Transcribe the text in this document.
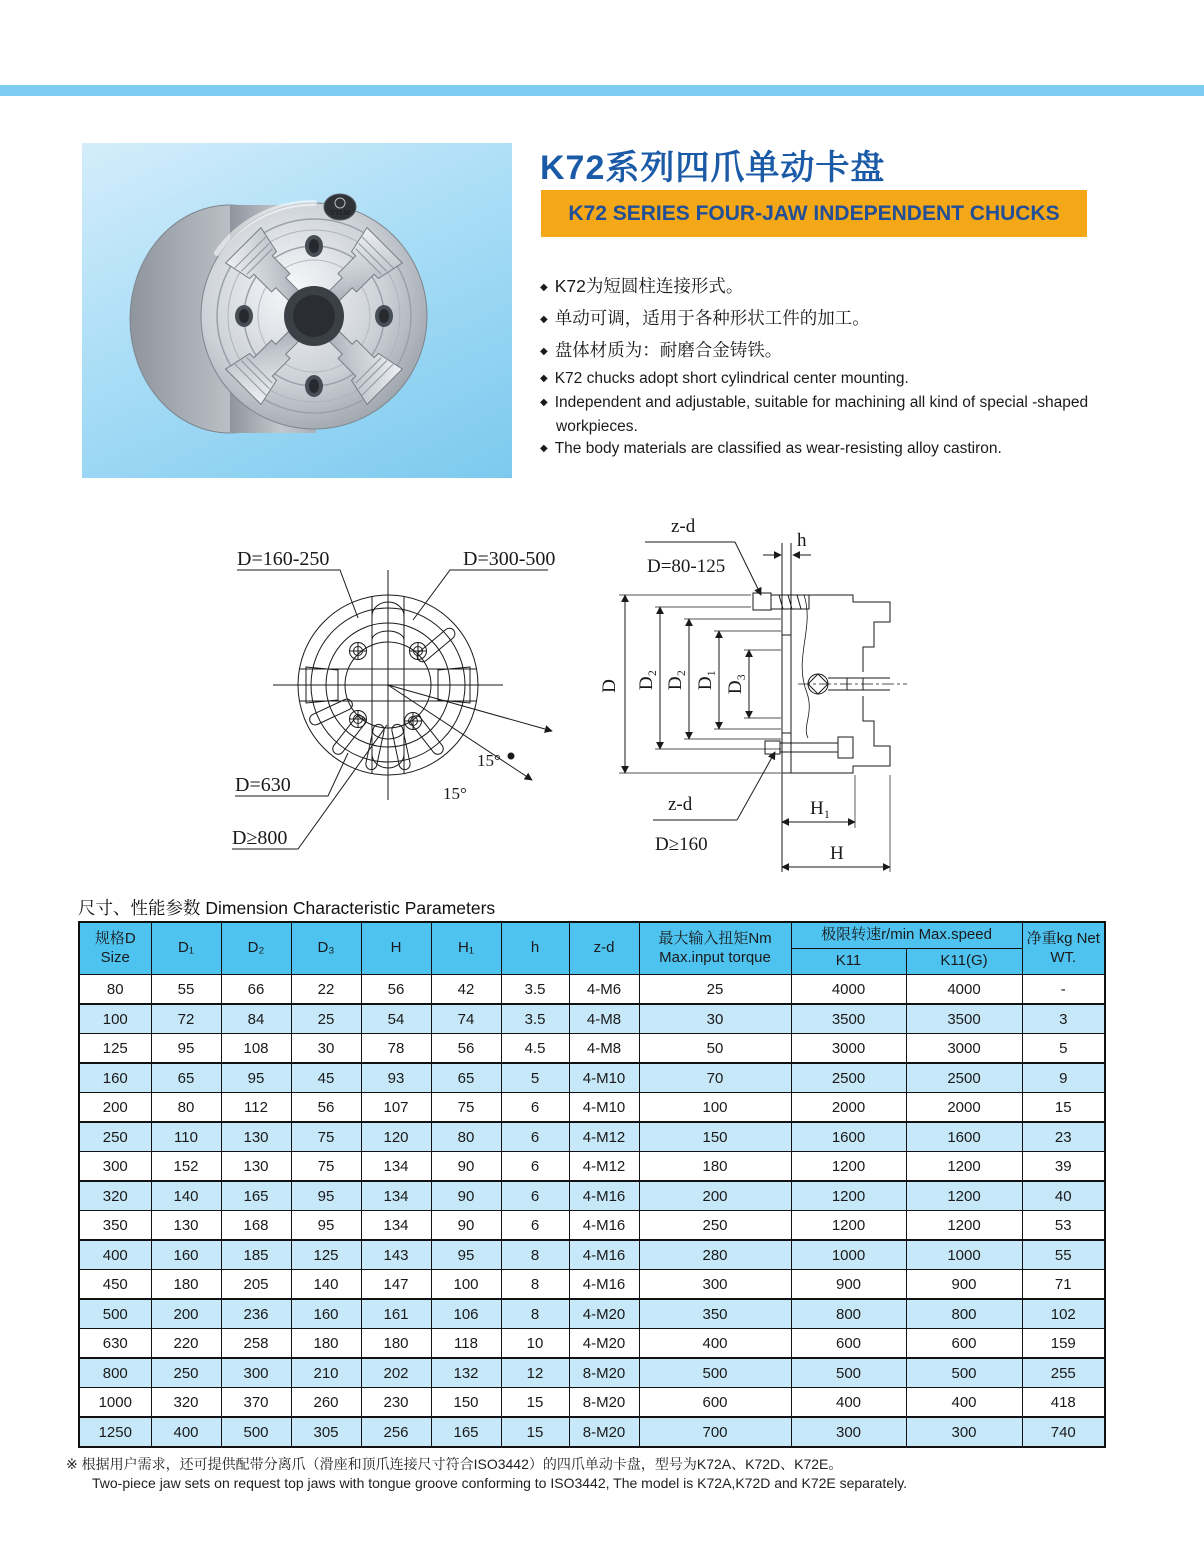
YTLM
K72系列四爪单动卡盘
K72 SERIES FOUR-JAW INDEPENDENT CHUCKS
◆ K72为短圆柱连接形式。
◆ 单动可调，适用于各种形状工件的加工。
◆ 盘体材质为：耐磨合金铸铁。
◆ K72 chucks adopt short cylindrical center mounting.
◆ Independent and adjustable, suitable for machining all kind of special -shaped workpieces.
◆ The body materials are classified as wear-resisting alloy castiron.
D=160-250	D=300-500
D=630
D≥800
15°
15°
z-d
D=80-125
h
D D₂ D₂ D₁ D₃
z-d
D≥160
H₁
H
尺寸、性能参数 Dimension Characteristic Parameters
规格D Size	D₁	D₂	D₃	H	H₁	h	z-d	最大输入扭矩Nm Max.input torque	极限转速r/min Max.speed		净重kg Net WT.
									K11	K11(G)	
80	55	66	22	56	42	3.5	4-M6	25	4000	4000	-
100	72	84	25	54	74	3.5	4-M8	30	3500	3500	3
125	95	108	30	78	56	4.5	4-M8	50	3000	3000	5
160	65	95	45	93	65	5	4-M10	70	2500	2500	9
200	80	112	56	107	75	6	4-M10	100	2000	2000	15
250	110	130	75	120	80	6	4-M12	150	1600	1600	23
300	152	130	75	134	90	6	4-M12	180	1200	1200	39
320	140	165	95	134	90	6	4-M16	200	1200	1200	40
350	130	168	95	134	90	6	4-M16	250	1200	1200	53
400	160	185	125	143	95	8	4-M16	280	1000	1000	55
450	180	205	140	147	100	8	4-M16	300	900	900	71
500	200	236	160	161	106	8	4-M20	350	800	800	102
630	220	258	180	180	118	10	4-M20	400	600	600	159
800	250	300	210	202	132	12	8-M20	500	500	500	255
1000	320	370	260	230	150	15	8-M20	600	400	400	418
1250	400	500	305	256	165	15	8-M20	700	300	300	740
※ 根据用户需求，还可提供配带分离爪（滑座和顶爪连接尺寸符合ISO3442）的四爪单动卡盘，型号为K72A、K72D、K72E。
Two-piece jaw sets on request top jaws with tongue groove conforming to ISO3442, The model is K72A,K72D and K72E separately.
